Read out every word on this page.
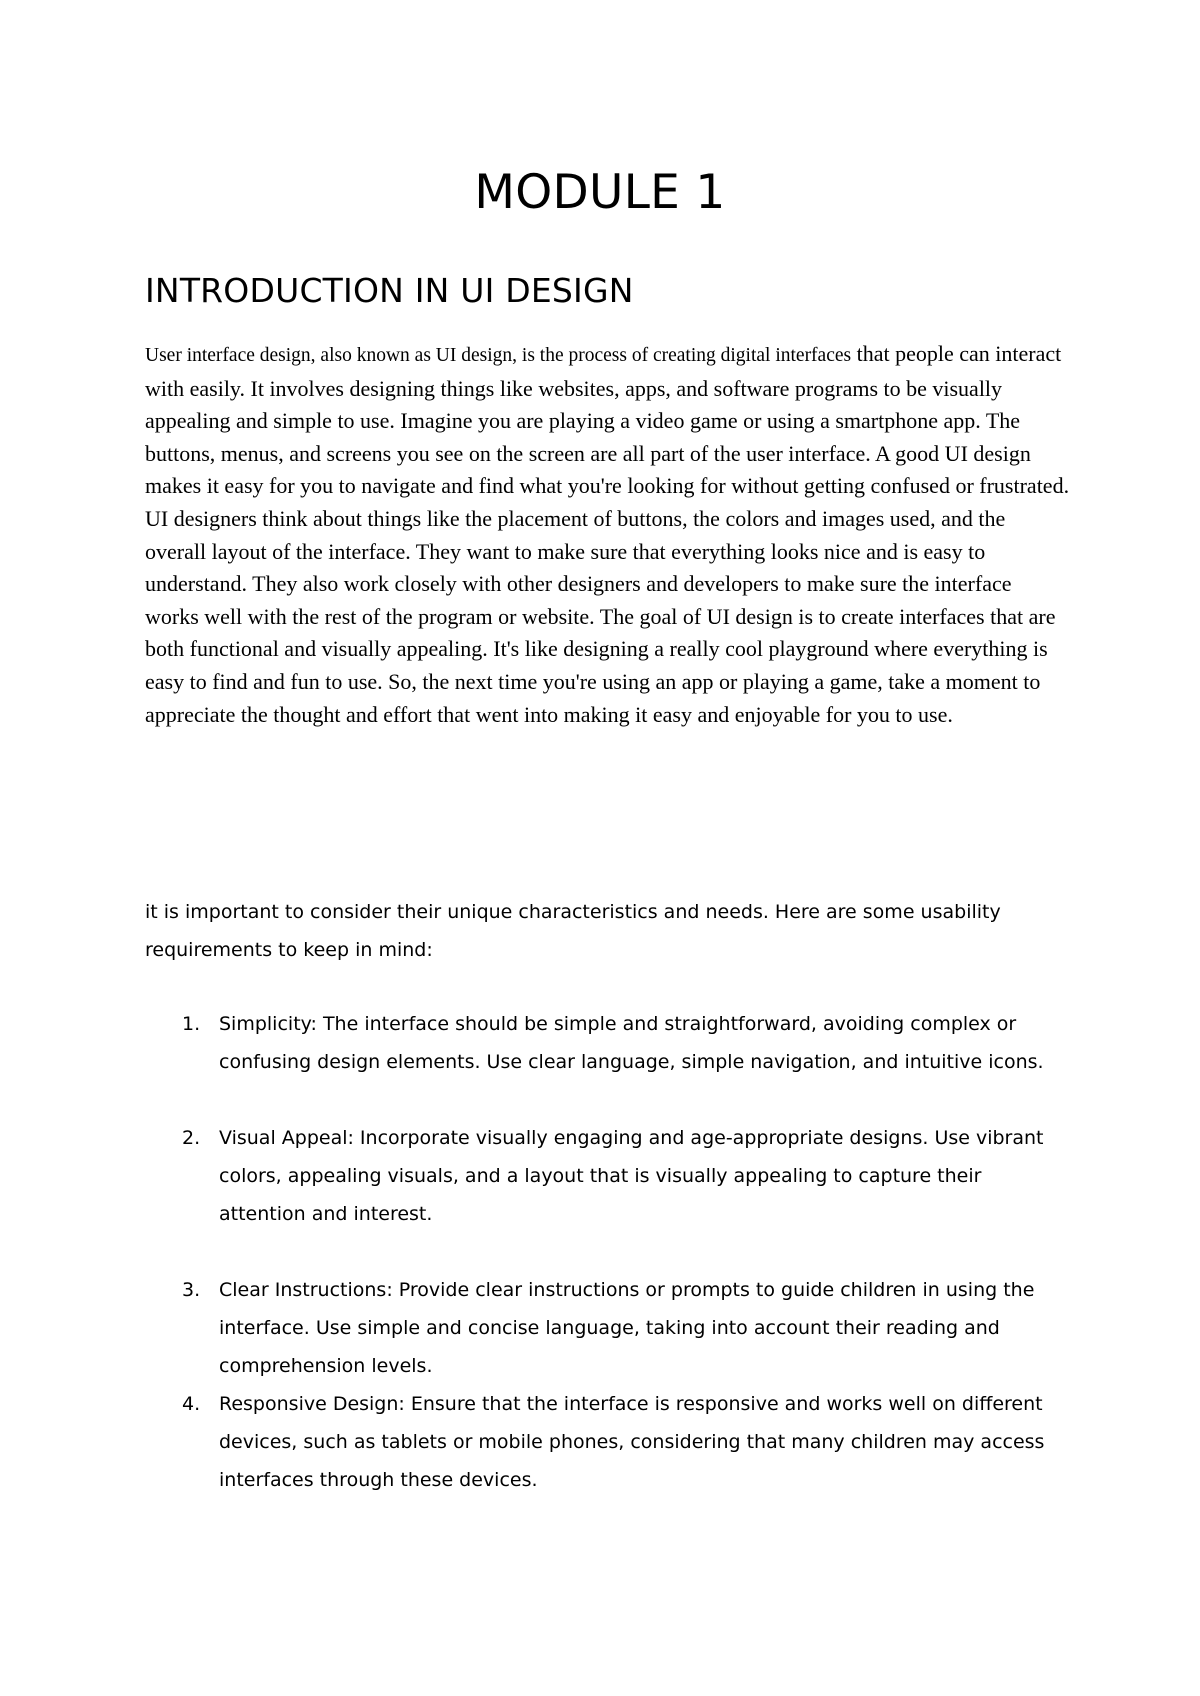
MODULE 1
INTRODUCTION IN UI DESIGN

User interface design, also known as UI design, is the process of creating digital interfaces that people can interact with easily. It involves designing things like websites, apps, and software programs to be visually appealing and simple to use. Imagine you are playing a video game or using a smartphone app. The buttons, menus, and screens you see on the screen are all part of the user interface. A good UI design makes it easy for you to navigate and find what you're looking for without getting confused or frustrated. UI designers think about things like the placement of buttons, the colors and images used, and the overall layout of the interface. They want to make sure that everything looks nice and is easy to understand. They also work closely with other designers and developers to make sure the interface works well with the rest of the program or website. The goal of UI design is to create interfaces that are both functional and visually appealing. It's like designing a really cool playground where everything is easy to find and fun to use. So, the next time you're using an app or playing a game, take a moment to appreciate the thought and effort that went into making it easy and enjoyable for you to use.

it is important to consider their unique characteristics and needs. Here are some usability requirements to keep in mind:

1. Simplicity: The interface should be simple and straightforward, avoiding complex or confusing design elements. Use clear language, simple navigation, and intuitive icons.
2. Visual Appeal: Incorporate visually engaging and age-appropriate designs. Use vibrant colors, appealing visuals, and a layout that is visually appealing to capture their attention and interest.
3. Clear Instructions: Provide clear instructions or prompts to guide children in using the interface. Use simple and concise language, taking into account their reading and comprehension levels.
4. Responsive Design: Ensure that the interface is responsive and works well on different devices, such as tablets or mobile phones, considering that many children may access interfaces through these devices.
